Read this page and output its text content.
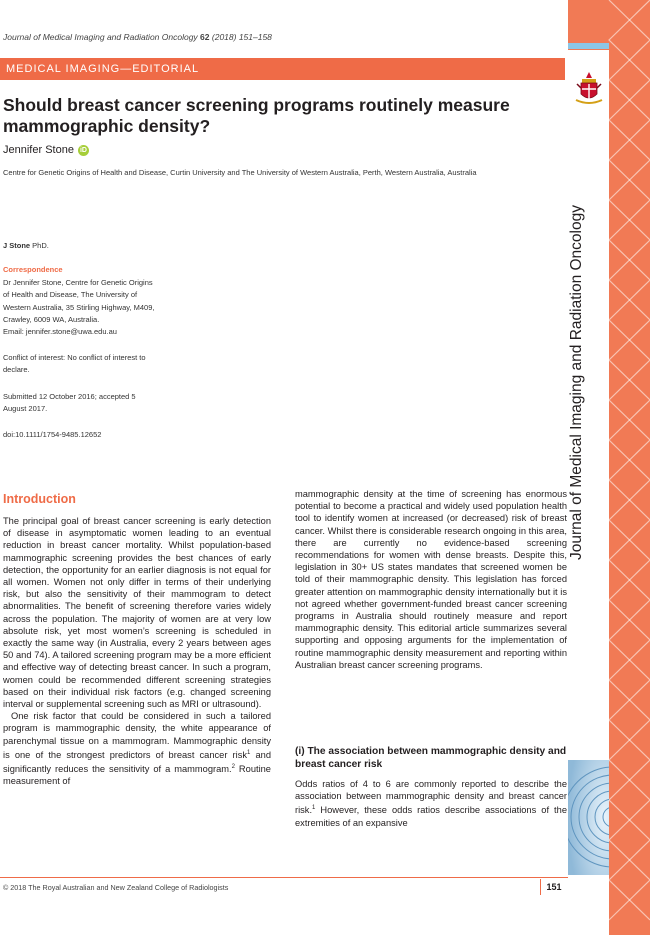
Journal of Medical Imaging and Radiation Oncology 62 (2018) 151–158
MEDICAL IMAGING—EDITORIAL
Should breast cancer screening programs routinely measure mammographic density?
Jennifer Stone iD
Centre for Genetic Origins of Health and Disease, Curtin University and The University of Western Australia, Perth, Western Australia, Australia
J Stone PhD.
Correspondence
Dr Jennifer Stone, Centre for Genetic Origins
of Health and Disease, The University of
Western Australia, 35 Stirling Highway, M409,
Crawley, 6009 WA, Australia.
Email: jennifer.stone@uwa.edu.au
Conflict of interest: No conflict of interest to
declare.
Submitted 12 October 2016; accepted 5
August 2017.
doi:10.1111/1754-9485.12652
Introduction

The principal goal of breast cancer screening is early detection of disease in asymptomatic women leading to an eventual reduction in breast cancer mortality. Whilst population-based mammographic screening provides the best chances of early detection, the opportunity for an earlier diagnosis is not equal for all women. Women not only differ in terms of their underlying risk, but also the sensitivity of their mammogram to detect abnormalities. The benefit of screening therefore varies widely across the population. The majority of women are at very low absolute risk, yet most women’s screening is scheduled in exactly the same way (in Australia, every 2 years between ages 50 and 74). A tailored screening program may be a more efficient and effective way of detecting breast cancer. In such a program, women could be recommended different screening strategies based on their individual risk factors (e.g. changed screening interval or supplemental screening such as MRI or ultrasound).

One risk factor that could be considered in such a tailored program is mammographic density, the white appearance of parenchymal tissue on a mammogram. Mammographic density is one of the strongest predictors of breast cancer risk$^1$ and significantly reduces the sensitivity of a mammogram.$^2$ Routine measurement of

mammographic density at the time of screening has enormous potential to become a practical and widely used population health tool to identify women at increased (or decreased) risk of breast cancer. Whilst there is considerable research ongoing in this area, there are currently no evidence-based screening recommendations for women with dense breasts. Despite this, legislation in 30+ US states mandates that screened women be told of their mammographic density. This legislation has forced greater attention on mammographic density internationally but it is not agreed whether government-funded breast cancer screening programs in Australia should routinely measure and report mammographic density. This editorial article summarizes several supporting and opposing arguments for the implementation of routine mammographic density measurement and reporting within Australian breast cancer screening programs.

(i) The association between mammographic density and breast cancer risk

Odds ratios of 4 to 6 are commonly reported to describe the association between mammographic density and breast cancer risk.$^1$ However, these odds ratios describe associations of the extremities of an expansive

© 2018 The Royal Australian and New Zealand College of Radiologists	151
Journal of Medical Imaging and Radiation Oncology
